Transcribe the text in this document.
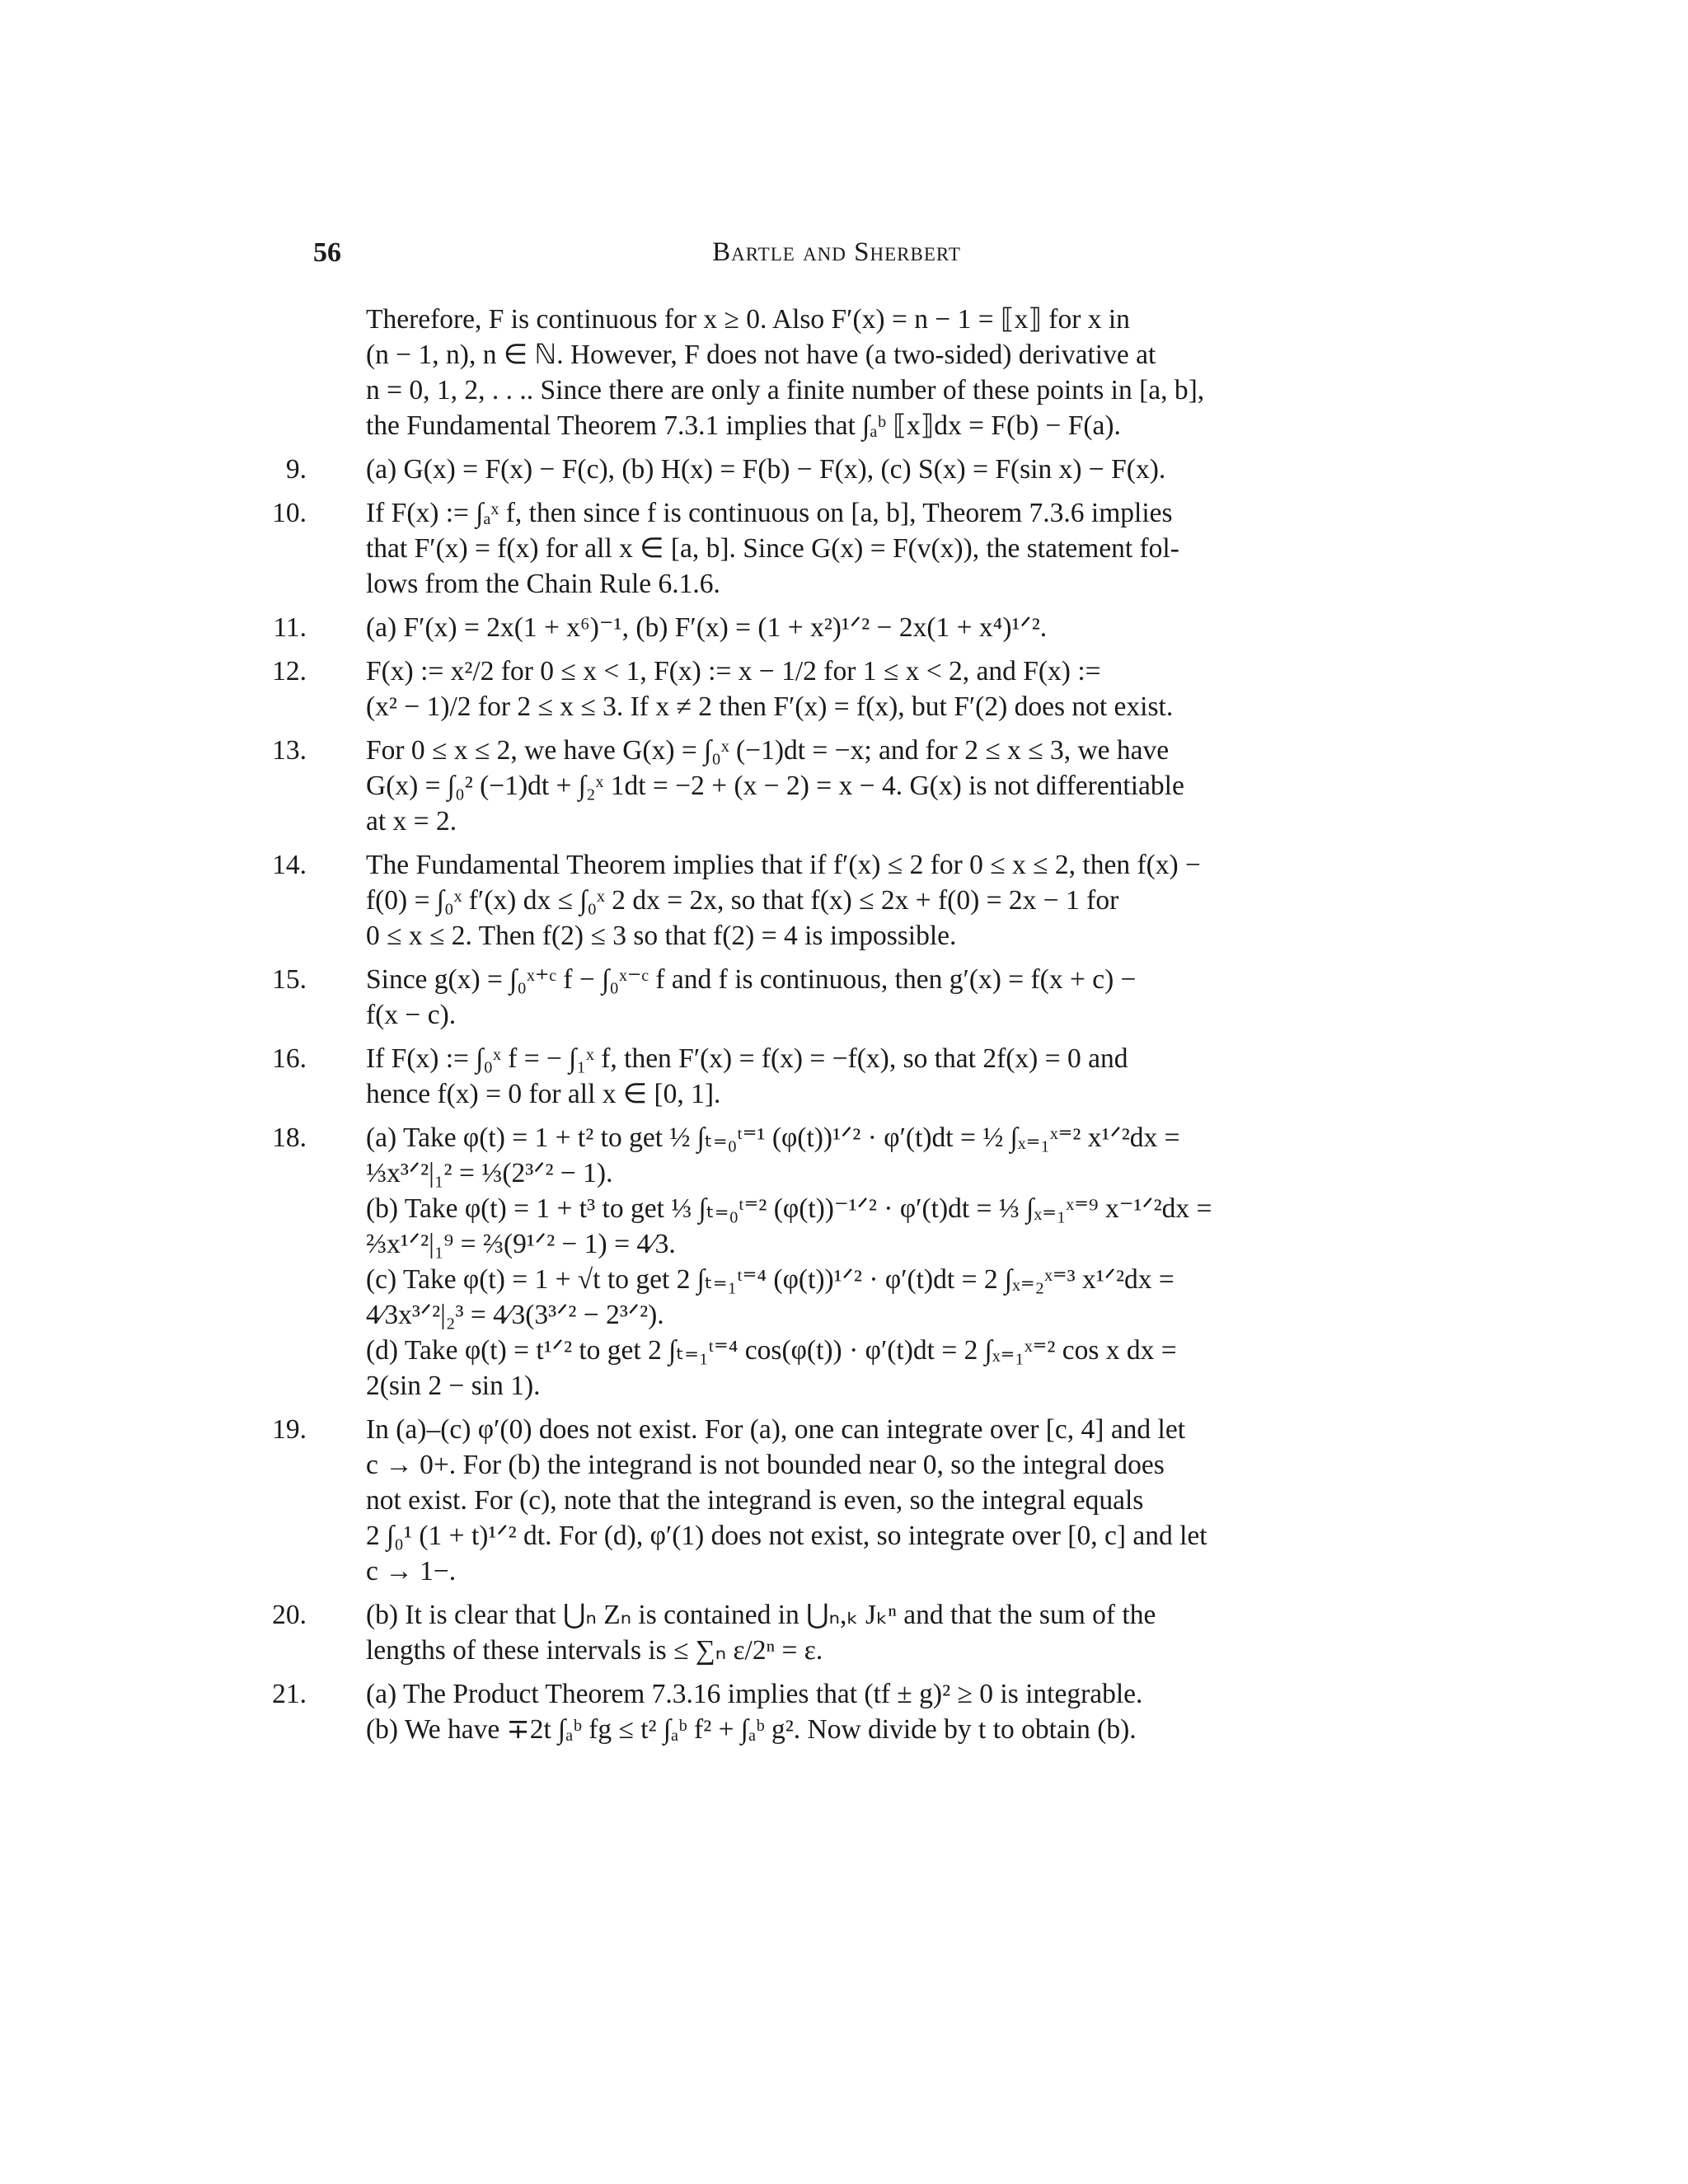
56	Bartle and Sherbert
Therefore, F is continuous for x ≥ 0. Also F′(x) = n − 1 = ⟦x⟧ for x in
(n − 1, n), n ∈ ℕ. However, F does not have (a two-sided) derivative at
n = 0, 1, 2, . . .. Since there are only a finite number of these points in [a, b],
the Fundamental Theorem 7.3.1 implies that ∫ₐᵇ ⟦x⟧dx = F(b) − F(a).
9. (a) G(x) = F(x) − F(c), (b) H(x) = F(b) − F(x), (c) S(x) = F(sin x) − F(x).
10. If F(x) := ∫ₐˣ f, then since f is continuous on [a, b], Theorem 7.3.6 implies
that F′(x) = f(x) for all x ∈ [a, b]. Since G(x) = F(v(x)), the statement fol-
lows from the Chain Rule 6.1.6.
11. (a) F′(x) = 2x(1 + x⁶)⁻¹, (b) F′(x) = (1 + x²)¹ᐟ² − 2x(1 + x⁴)¹ᐟ².
12. F(x) := x²/2 for 0 ≤ x < 1, F(x) := x − 1/2 for 1 ≤ x < 2, and F(x) :=
(x² − 1)/2 for 2 ≤ x ≤ 3. If x ≠ 2 then F′(x) = f(x), but F′(2) does not exist.
13. For 0 ≤ x ≤ 2, we have G(x) = ∫₀ˣ (−1)dt = −x; and for 2 ≤ x ≤ 3, we have
G(x) = ∫₀² (−1)dt + ∫₂ˣ 1dt = −2 + (x − 2) = x − 4. G(x) is not differentiable
at x = 2.
14. The Fundamental Theorem implies that if f′(x) ≤ 2 for 0 ≤ x ≤ 2, then f(x) −
f(0) = ∫₀ˣ f′(x) dx ≤ ∫₀ˣ 2 dx = 2x, so that f(x) ≤ 2x + f(0) = 2x − 1 for
0 ≤ x ≤ 2. Then f(2) ≤ 3 so that f(2) = 4 is impossible.
15. Since g(x) = ∫₀ˣ⁺ᶜ f − ∫₀ˣ⁻ᶜ f and f is continuous, then g′(x) = f(x + c) −
f(x − c).
16. If F(x) := ∫₀ˣ f = − ∫₁ˣ f, then F′(x) = f(x) = −f(x), so that 2f(x) = 0 and
hence f(x) = 0 for all x ∈ [0, 1].
18. (a) Take φ(t) = 1 + t² to get ½ ∫ₜ₌₀ᵗ⁼¹ (φ(t))¹ᐟ² · φ′(t)dt = ½ ∫ₓ₌₁ˣ⁼² x¹ᐟ²dx =
⅓x³ᐟ²|₁² = ⅓(2³ᐟ² − 1).
(b) Take φ(t) = 1 + t³ to get ⅓ ∫ₜ₌₀ᵗ⁼² (φ(t))⁻¹ᐟ² · φ′(t)dt = ⅓ ∫ₓ₌₁ˣ⁼⁹ x⁻¹ᐟ²dx =
⅔x¹ᐟ²|₁⁹ = ⅔(9¹ᐟ² − 1) = 4⁄3.
(c) Take φ(t) = 1 + √t to get 2 ∫ₜ₌₁ᵗ⁼⁴ (φ(t))¹ᐟ² · φ′(t)dt = 2 ∫ₓ₌₂ˣ⁼³ x¹ᐟ²dx =
4⁄3x³ᐟ²|₂³ = 4⁄3(3³ᐟ² − 2³ᐟ²).
(d) Take φ(t) = t¹ᐟ² to get 2 ∫ₜ₌₁ᵗ⁼⁴ cos(φ(t)) · φ′(t)dt = 2 ∫ₓ₌₁ˣ⁼² cos x dx =
2(sin 2 − sin 1).
19. In (a)–(c) φ′(0) does not exist. For (a), one can integrate over [c, 4] and let
c → 0+. For (b) the integrand is not bounded near 0, so the integral does
not exist. For (c), note that the integrand is even, so the integral equals
2 ∫₀¹ (1 + t)¹ᐟ² dt. For (d), φ′(1) does not exist, so integrate over [0, c] and let
c → 1−.
20. (b) It is clear that ⋃ₙ Zₙ is contained in ⋃ₙ,ₖ Jₖⁿ and that the sum of the
lengths of these intervals is ≤ ∑ₙ ε/2ⁿ = ε.
21. (a) The Product Theorem 7.3.16 implies that (tf ± g)² ≥ 0 is integrable.
(b) We have ∓2t ∫ₐᵇ fg ≤ t² ∫ₐᵇ f² + ∫ₐᵇ g². Now divide by t to obtain (b).
